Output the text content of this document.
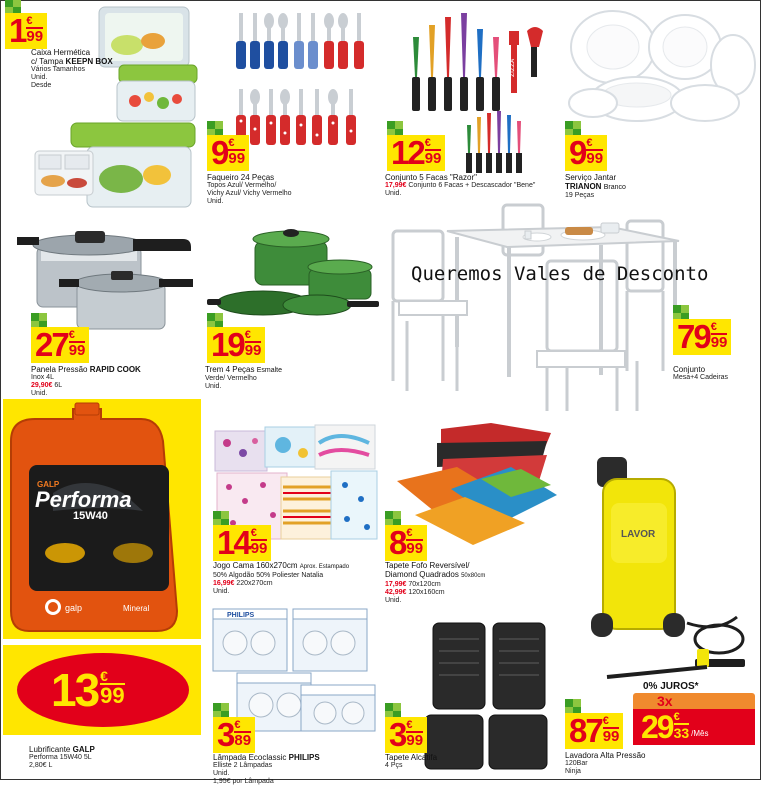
1 €
99
Caixa Hermética
c/ Tampa KEEPN BOX
Vários Tamanhos
Unid.
Desde
9 €
99
Faqueiro 24 Peças
Topos Azul/ Vermelho/
Vichy Azul/ Vichy Vermelho
Unid.
ZIZZA
12 €
99
Conjunto 5 Facas "Razor"
17,99€ Conjunto 6 Facas + Descascador "Bene"
Unid.
9 €
99
Serviço Jantar
TRIANON Branco
19 Peças
27 €
99
Panela Pressão RAPID COOK
Inox 4L
29,90€ 6L
Unid.
19 €
99
Trem 4 Peças Esmalte
Verde/ Vermelho
Unid.
79 €
99
Conjunto
Mesa+4 Cadeiras
Queremos Vales de Desconto
GALP
Performa
15W40
galp	Mineral
13 €
99
Lubrificante GALP
Performa 15W40 5L
2,80€ L
14 €
99
Jogo Cama 160x270cm Aprox. Estampado
50% Algodão 50% Poliester Natalia
16,99€ 220x270cm
Unid.
8 €
99
Tapete Fofo Reversível/
Diamond Quadrados 50x80cm
17,99€ 70x120cm
42,99€ 120x160cm
Unid.
LAVOR
87 €
99
0% JUROS*
3x
29 €
33 /Mês
Lavadora Alta Pressão
120Bar
Ninja
PHILIPS
3 €
89
Lâmpada Ecoclassic PHILIPS
Elliste 2 Lâmpadas
Unid.
1,95€ por Lâmpada
3 €
99
Tapete Alcatifa
4 Pçs
